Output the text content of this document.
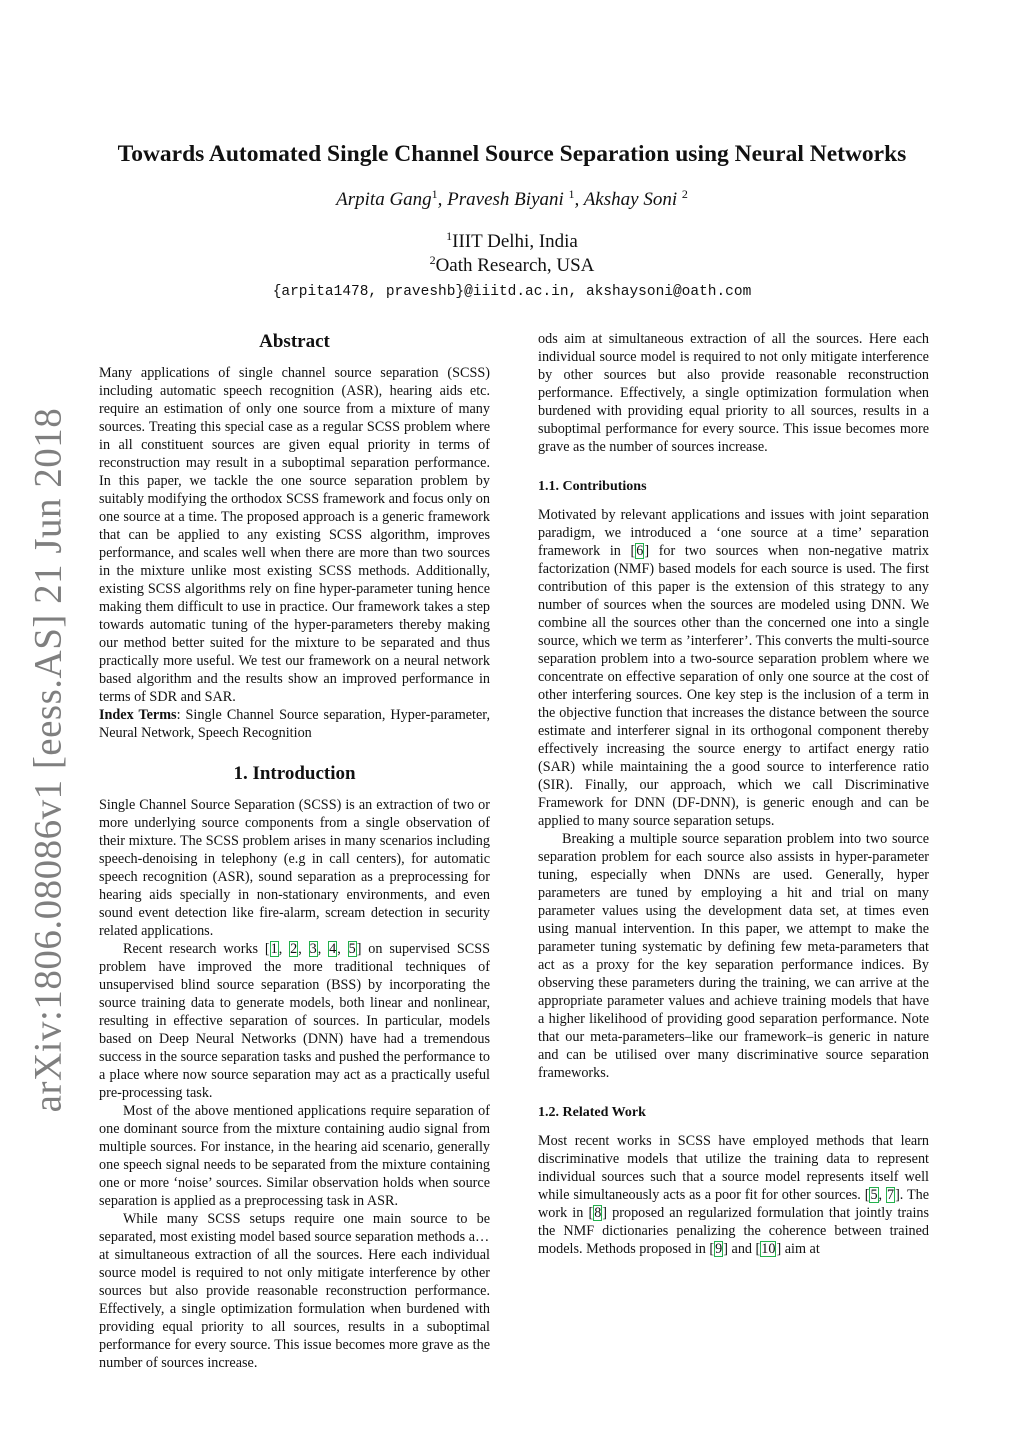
arXiv:1806.08086v1 [eess.AS] 21 Jun 2018
Towards Automated Single Channel Source Separation using Neural Networks
Arpita Gang$^1$, Pravesh Biyani $^1$, Akshay Soni $^2$
$^1$IIIT Delhi, India
$^2$Oath Research, USA
{arpita1478, praveshb}@iiitd.ac.in, akshaysoni@oath.com
Abstract

Many applications of single channel source separation (SCSS) including automatic speech recognition (ASR), hearing aids etc. require an estimation of only one source from a mixture of many sources. Treating this special case as a regular SCSS problem where in all constituent sources are given equal priority in terms of reconstruction may result in a suboptimal separation performance. In this paper, we tackle the one source separation problem by suitably modifying the orthodox SCSS framework and focus only on one source at a time. The proposed approach is a generic framework that can be applied to any existing SCSS algorithm, improves performance, and scales well when there are more than two sources in the mixture unlike most existing SCSS methods. Additionally, existing SCSS algorithms rely on fine hyper-parameter tuning hence making them difficult to use in practice. Our framework takes a step towards automatic tuning of the hyper-parameters thereby making our method better suited for the mixture to be separated and thus practically more useful. We test our framework on a neural network based algorithm and the results show an improved performance in terms of SDR and SAR.

Index Terms: Single Channel Source separation, Hyper-parameter, Neural Network, Speech Recognition

1. Introduction

Single Channel Source Separation (SCSS) is an extraction of two or more underlying source components from a single observation of their mixture. The SCSS problem arises in many scenarios including speech-denoising in telephony (e.g in call centers), for automatic speech recognition (ASR), sound separation as a preprocessing for hearing aids specially in non-stationary environments, and even sound event detection like fire-alarm, scream detection in security related applications.

Recent research works [1, 2, 3, 4, 5] on supervised SCSS problem have improved the more traditional techniques of unsupervised blind source separation (BSS) by incorporating the source training data to generate models, both linear and nonlinear, resulting in effective separation of sources. In particular, models based on Deep Neural Networks (DNN) have had a tremendous success in the source separation tasks and pushed the performance to a place where now source separation may act as a practically useful pre-processing task.

Most of the above mentioned applications require separation of one dominant source from the mixture containing audio signal from multiple sources. For instance, in the hearing aid scenario, generally one speech signal needs to be separated from the mixture containing one or more ‘noise’ sources. Similar observation holds when source separation is applied as a preprocessing task in ASR.

While many SCSS setups require one main source to be separated, most existing model based source separation methods aim at simultaneous extraction of all the sources. Here each individual source model is required to not only mitigate interference by other sources but also provide reasonable reconstruction performance. Effectively, a single optimization formulation when burdened with providing equal priority to all sources, results in a suboptimal performance for every source. This issue becomes more grave as the number of sources increase.

ods aim at simultaneous extraction of all the sources. Here each individual source model is required to not only mitigate interference by other sources but also provide reasonable reconstruction performance. Effectively, a single optimization formulation when burdened with providing equal priority to all sources, results in a suboptimal performance for every source. This issue becomes more grave as the number of sources increase.

1.1. Contributions

Motivated by relevant applications and issues with joint separation paradigm, we introduced a ‘one source at a time’ separation framework in [6] for two sources when non-negative matrix factorization (NMF) based models for each source is used. The first contribution of this paper is the extension of this strategy to any number of sources when the sources are modeled using DNN. We combine all the sources other than the concerned one into a single source, which we term as ’interferer’. This converts the multi-source separation problem into a two-source separation problem where we concentrate on effective separation of only one source at the cost of other interfering sources. One key step is the inclusion of a term in the objective function that increases the distance between the source estimate and interferer signal in its orthogonal component thereby effectively increasing the source energy to artifact energy ratio (SAR) while maintaining the a good source to interference ratio (SIR). Finally, our approach, which we call Discriminative Framework for DNN (DF-DNN), is generic enough and can be applied to many source separation setups.

Breaking a multiple source separation problem into two source separation problem for each source also assists in hyper-parameter tuning, especially when DNNs are used. Generally, hyper parameters are tuned by employing a hit and trial on many parameter values using the development data set, at times even using manual intervention. In this paper, we attempt to make the parameter tuning systematic by defining few meta-parameters that act as a proxy for the key separation performance indices. By observing these parameters during the training, we can arrive at the appropriate parameter values and achieve training models that have a higher likelihood of providing good separation performance. Note that our meta-parameters–like our framework–is generic in nature and can be utilised over many discriminative source separation frameworks.

1.2. Related Work

Most recent works in SCSS have employed methods that learn discriminative models that utilize the training data to represent individual sources such that a source model represents itself well while simultaneously acts as a poor fit for other sources. [5, 7]. The work in [8] proposed an regularized formulation that jointly trains the NMF dictionaries penalizing the coherence between trained models. Methods proposed in [9] and [10] aim at
